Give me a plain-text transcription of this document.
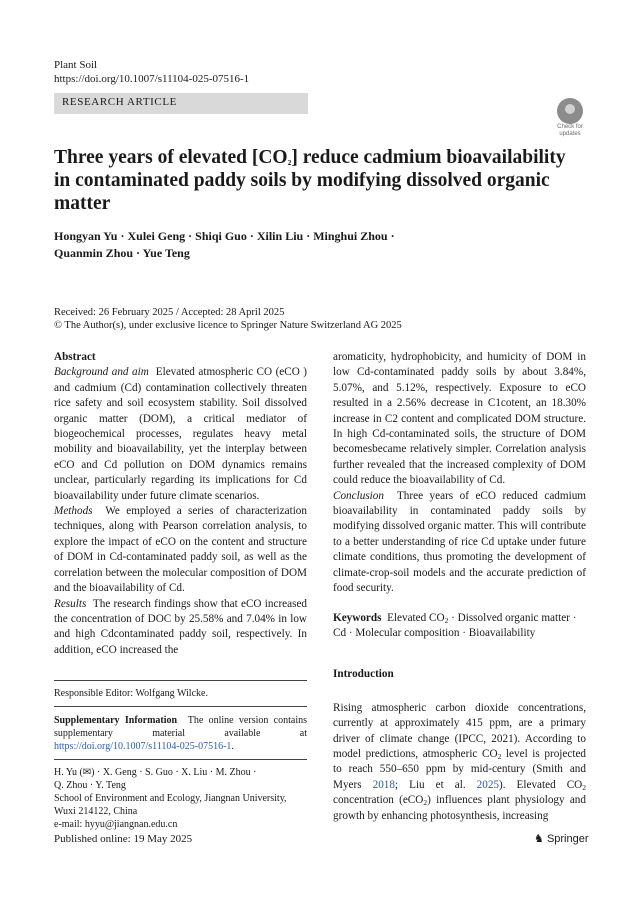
Plant Soil
https://doi.org/10.1007/s11104-025-07516-1
RESEARCH ARTICLE
Check for
updates
Three years of elevated $[CO_2]$ reduce cadmium bioavailability in contaminated paddy soils by modifying dissolved organic matter
Hongyan Yu · Xulei Geng · Shiqi Guo · Xilin Liu · Minghui Zhou ·
Quanmin Zhou · Yue Teng
Received: 26 February 2025 / Accepted: 28 April 2025
© The Author(s), under exclusive licence to Springer Nature Switzerland AG 2025

Abstract

Background and aim Elevated atmospheric CO (eCO ) and cadmium (Cd) contamination collectively threaten rice safety and soil ecosystem stability. Soil dissolved organic matter (DOM), a critical mediator of biogeochemical processes, regulates heavy metal mobility and bioavailability, yet the interplay between eCO and Cd pollution on DOM dynamics remains unclear, particularly regarding its implications for Cd bioavailability under future climate scenarios.

Methods We employed a series of characterization techniques, along with Pearson correlation analysis, to explore the impact of eCO on the content and structure of DOM in Cd-contaminated paddy soil, as well as the correlation between the molecular composition of DOM and the bioavailability of Cd.

Results The research findings show that eCO increased the concentration of DOC by 25.58% and 7.04% in low and high Cdcontaminated paddy soil, respectively. In addition, eCO increased the

Responsible Editor: Wolfgang Wilcke.
Supplementary Information The online version contains supplementary material available at https://doi.org/10.1007/s11104-025-07516-1.
H. Yu (✉) · X. Geng · S. Guo · X. Liu · M. Zhou ·
Q. Zhou · Y. Teng
School of Environment and Ecology, Jiangnan University,
Wuxi 214122, China
e-mail: hyyu@jiangnan.edu.cn

aromaticity, hydrophobicity, and humicity of DOM in low Cd-contaminated paddy soils by about 3.84%, 5.07%, and 5.12%, respectively. Exposure to eCO resulted in a 2.56% decrease in C1cotent, an 18.30% increase in C2 content and complicated DOM structure. In high Cd-contaminated soils, the structure of DOM becomesbecame relatively simpler. Correlation analysis further revealed that the increased complexity of DOM could reduce the bioavailability of Cd.

Conclusion Three years of eCO reduced cadmium bioavailability in contaminated paddy soils by modifying dissolved organic matter. This will contribute to a better understanding of rice Cd uptake under future climate conditions, thus promoting the development of climate-crop-soil models and the accurate prediction of food security.

Keywords Elevated $CO_2$ · Dissolved organic matter · Cd · Molecular composition · Bioavailability

Introduction

Rising atmospheric carbon dioxide concentrations, currently at approximately 415 ppm, are a primary driver of climate change (IPCC, 2021). According to model predictions, atmospheric $CO_2$ level is projected to reach 550–650 ppm by mid-century (Smith and Myers 2018; Liu et al. 2025). Elevated $CO_2$ concentration (eCO$_2$) influences plant physiology and growth by enhancing photosynthesis, increasing

Published online: 19 May 2025	♞ Springer
